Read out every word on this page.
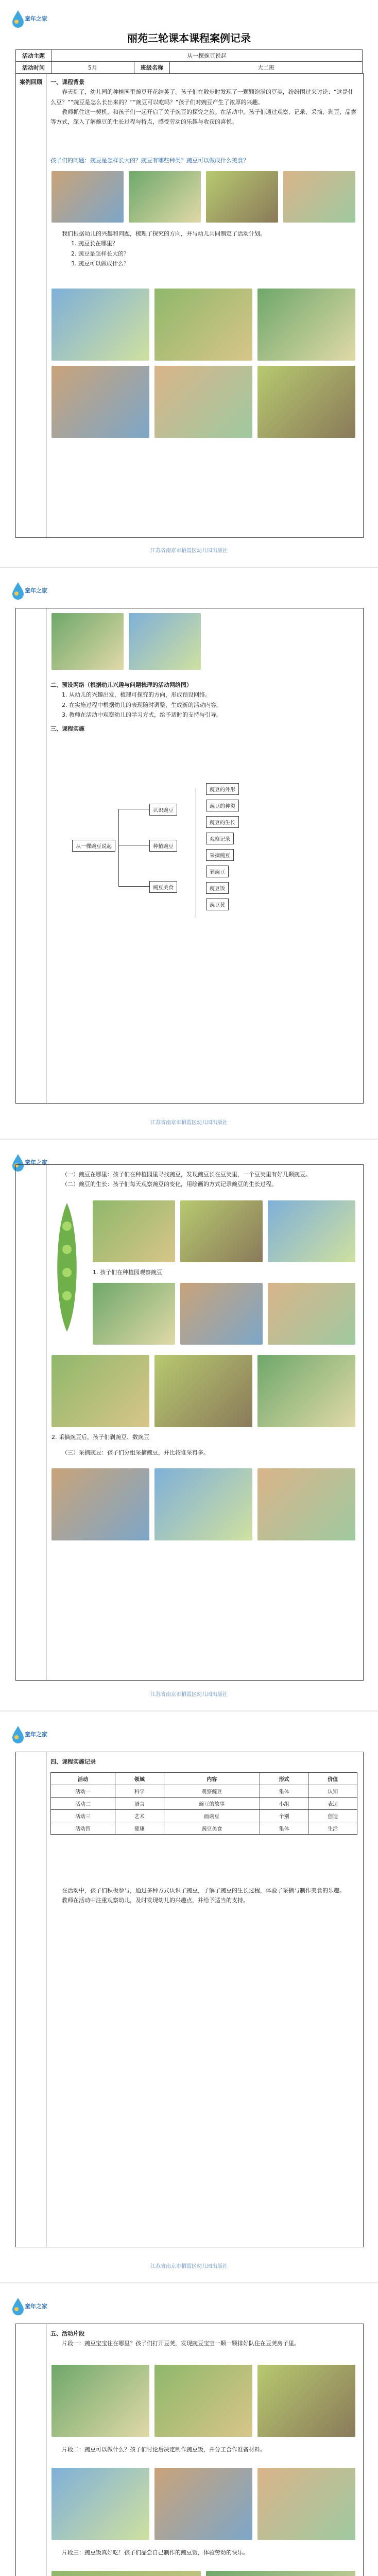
童年之家
丽苑三轮课本课程案例记录
活动主题	从一棵豌豆说起		
活动时间	5月	班级名称	大二班
案例回顾	一、课程背景

春天到了，幼儿园的种植园里豌豆开花结荚了。孩子们在散步时发现了一颗颗饱满的豆荚，纷纷围过来讨论：“这是什么豆？”“豌豆是怎么长出来的？”“豌豆可以吃吗？”孩子们对豌豆产生了浓厚的兴趣。

教师抓住这一契机，和孩子们一起开启了关于豌豆的探究之旅。在活动中，孩子们通过观察、记录、采摘、剥豆、品尝等方式，深入了解豌豆的生长过程与特点，感受劳动的乐趣与收获的喜悦。

孩子们的问题：豌豆是怎样长大的？豌豆有哪些种类？豌豆可以做成什么美食？

我们根据幼儿的兴趣和问题，梳理了探究的方向，并与幼儿共同制定了活动计划。

1. 豌豆长在哪里？
2. 豌豆是怎样长大的？
3. 豌豆可以做成什么？
江苏省南京市栖霞区幼儿园出版社
童年之家
二、预设网络（根据幼儿兴趣与问题梳理的活动网络图）

1. 从幼儿的兴趣出发，梳理可探究的方向，形成预设网络。

2. 在实施过程中根据幼儿的表现随时调整，生成新的活动内容。

3. 教师在活动中观察幼儿的学习方式，给予适时的支持与引导。

三、课程实施
从一棵豌豆说起
认识豌豆
种植豌豆
豌豆美食
豌豆的外形
豌豆的种类
豌豆的生长
观察记录
采摘豌豆
剥豌豆
豌豆饭
豌豆黄
江苏省南京市栖霞区幼儿园出版社
童年之家

（一）豌豆在哪里：孩子们在种植园里寻找豌豆，发现豌豆长在豆荚里，一个豆荚里有好几颗豌豆。

（二）豌豆的生长：孩子们每天观察豌豆的变化，用绘画的方式记录豌豆的生长过程。

1. 孩子们在种植园观察豌豆
2. 采摘豌豆后，孩子们剥豌豆、数豌豆

（三）采摘豌豆：孩子们分组采摘豌豆，并比较谁采得多。

江苏省南京市栖霞区幼儿园出版社
童年之家
四、课程实施记录
活动	领域	内容	形式	价值
活动一	科学	观察豌豆	集体	认知
活动二	语言	豌豆的故事	小组	表达
活动三	艺术	画豌豆	个别	创造
活动四	健康	豌豆美食	集体	生活

在活动中，孩子们积极参与，通过多种方式认识了豌豆，了解了豌豆的生长过程，体验了采摘与制作美食的乐趣。

教师在活动中注重观察幼儿，及时发现幼儿的兴趣点，并给予适当的支持。

江苏省南京市栖霞区幼儿园出版社
童年之家
五、活动片段

片段一：豌豆宝宝住在哪里？孩子们打开豆荚，发现豌豆宝宝一颗一颗排好队住在豆荚房子里。

片段二：豌豆可以做什么？孩子们讨论后决定制作豌豆饭，并分工合作准备材料。

片段三：豌豆饭真好吃！孩子们品尝自己制作的豌豆饭，体验劳动的快乐。
